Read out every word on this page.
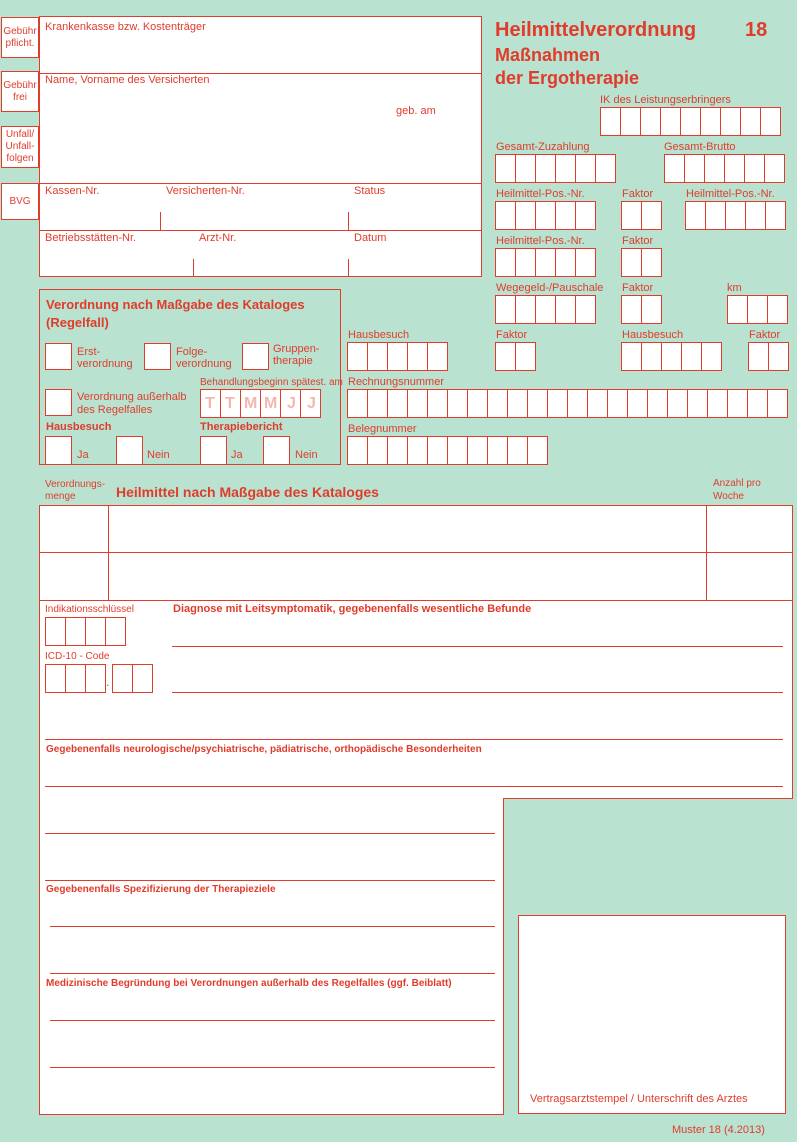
Gebühr pflicht.
Gebühr frei
Unfall/ Unfall- folgen
BVG
Krankenkasse bzw. Kostenträger
Name, Vorname des Versicherten
geb. am
Kassen-Nr.	Versicherten-Nr.	Status
Betriebsstätten-Nr.	Arzt-Nr.	Datum
Heilmittelverordnung 18
Maßnahmen
der Ergotherapie
IK des Leistungserbringers
Gesamt-Zuzahlung	Gesamt-Brutto
Heilmittel-Pos.-Nr.	Faktor	Heilmittel-Pos.-Nr.
Heilmittel-Pos.-Nr.	Faktor
Wegegeld-/Pauschale Faktor	km
Hausbesuch	Faktor	Hausbesuch	Faktor
Rechnungsnummer
Belegnummer
Verordnung nach Maßgabe des Kataloges
(Regelfall)
Erst-
verordnung
Folge-
verordnung
Gruppen-
therapie
Verordnung außerhalb
des Regelfalles
Behandlungsbeginn spätest. am
T T M M J J
Hausbesuch	Therapiebericht
Ja	Nein	Ja	Nein
Verordnungs-
menge	Heilmittel nach Maßgabe des Kataloges
Anzahl pro
Woche
Indikationsschlüssel
ICD-10 - Code
.
Diagnose mit Leitsymptomatik, gegebenenfalls wesentliche Befunde
Gegebenenfalls neurologische/psychiatrische, pädiatrische, orthopädische Besonderheiten
Gegebenenfalls Spezifizierung der Therapieziele
Medizinische Begründung bei Verordnungen außerhalb des Regelfalles (ggf. Beiblatt)
Vertragsarztstempel / Unterschrift des Arztes
Muster 18 (4.2013)
